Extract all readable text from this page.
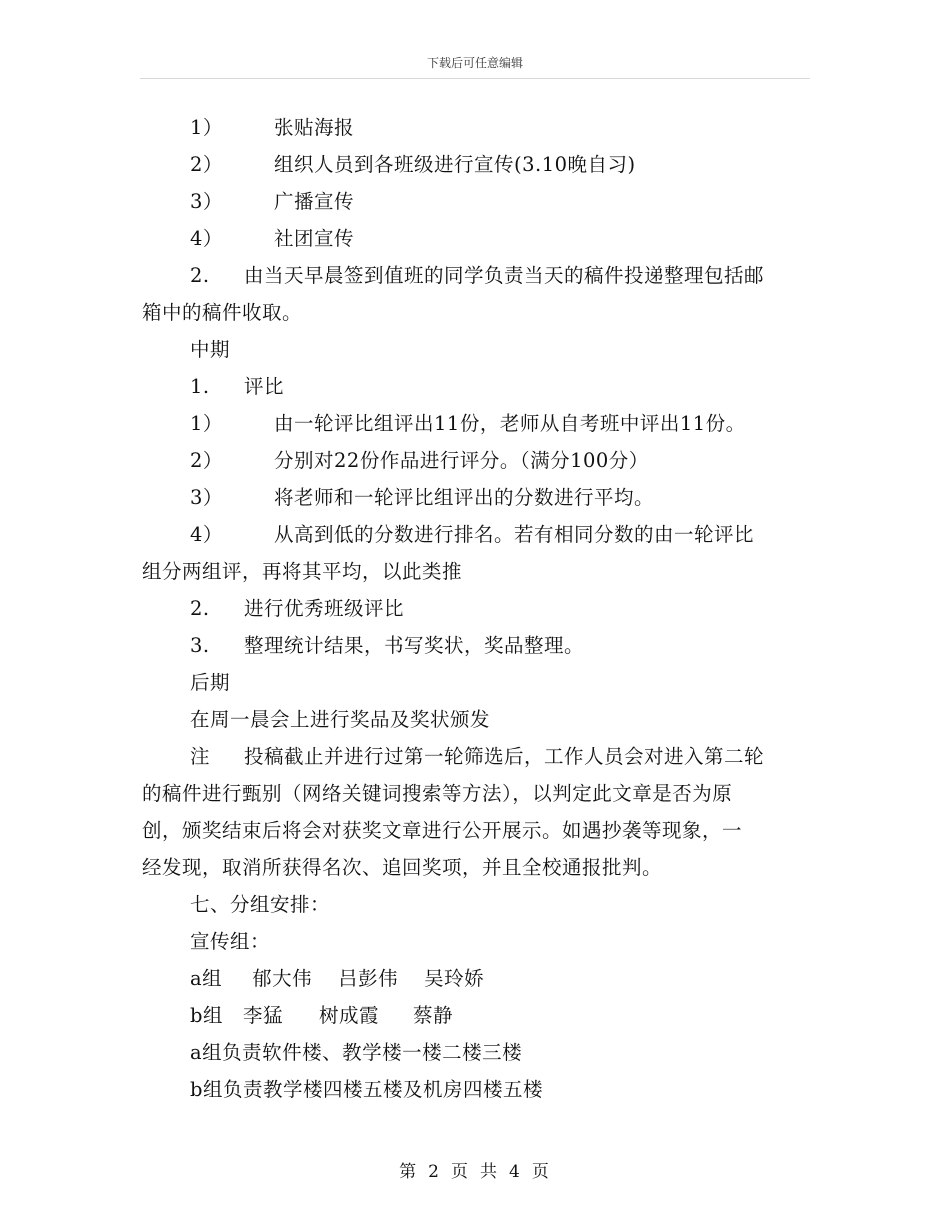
下载后可任意编辑
1）	张贴海报
2）	组织人员到各班级进行宣传(3.10晚自习)
3）	广播宣传
4）	社团宣传
2. 由当天早晨签到值班的同学负责当天的稿件投递整理包括邮
箱中的稿件收取。
中期
1. 评比
1）	由一轮评比组评出11份，老师从自考班中评出11份。
2）	分别对22份作品进行评分。（满分100分）
3）	将老师和一轮评比组评出的分数进行平均。
4）	从高到低的分数进行排名。若有相同分数的由一轮评比
组分两组评，再将其平均，以此类推
2. 进行优秀班级评比
3. 整理统计结果，书写奖状，奖品整理。
后期
在周一晨会上进行奖品及奖状颁发
注 投稿截止并进行过第一轮筛选后，工作人员会对进入第二轮
的稿件进行甄别（网络关键词搜索等方法），以判定此文章是否为原
创，颁奖结束后将会对获奖文章进行公开展示。如遇抄袭等现象，一
经发现，取消所获得名次、追回奖项，并且全校通报批判。
七、分组安排：
宣传组：
a组 郁大伟 吕彭伟 吴玲娇
b组 李猛 树成霞 蔡静
a组负责软件楼、教学楼一楼二楼三楼
b组负责教学楼四楼五楼及机房四楼五楼
第 2 页 共 4 页
